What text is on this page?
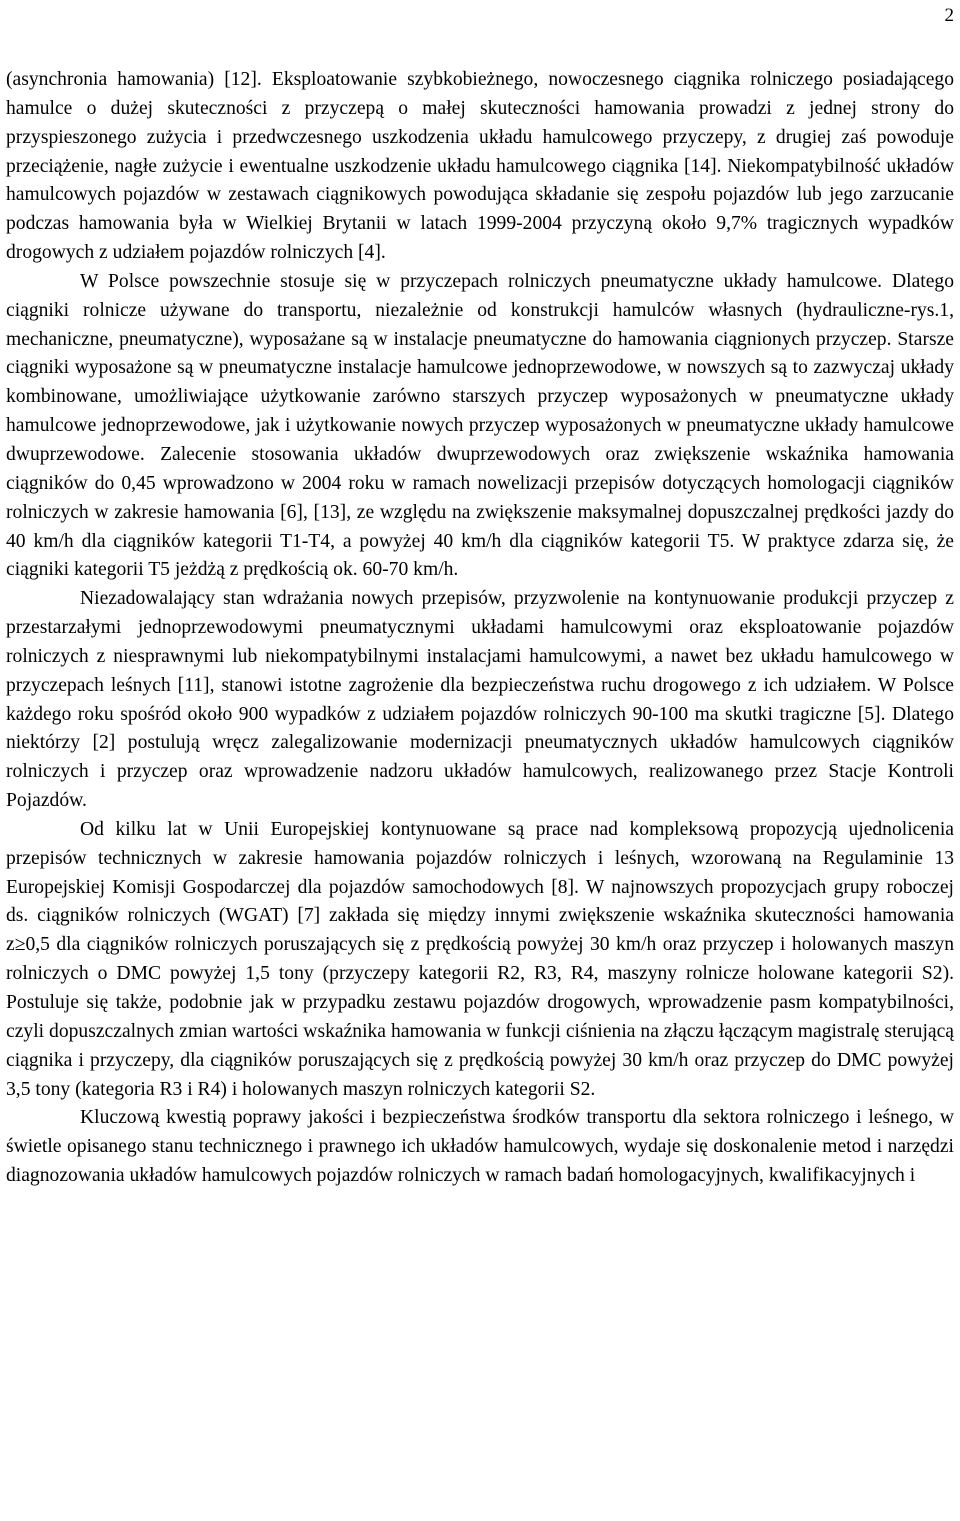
2

(asynchronia hamowania) [12]. Eksploatowanie szybkobieżnego, nowoczesnego ciągnika rolniczego posiadającego hamulce o dużej skuteczności z przyczepą o małej skuteczności hamowania prowadzi z jednej strony do przyspieszonego zużycia i przedwczesnego uszkodzenia układu hamulcowego przyczepy, z drugiej zaś powoduje przeciążenie, nagłe zużycie i ewentualne uszkodzenie układu hamulcowego ciągnika [14]. Niekompatybilność układów hamulcowych pojazdów w zestawach ciągnikowych powodująca składanie się zespołu pojazdów lub jego zarzucanie podczas hamowania była w Wielkiej Brytanii w latach 1999-2004 przyczyną około 9,7% tragicznych wypadków drogowych z udziałem pojazdów rolniczych [4].

W Polsce powszechnie stosuje się w przyczepach rolniczych pneumatyczne układy hamulcowe. Dlatego ciągniki rolnicze używane do transportu, niezależnie od konstrukcji hamulców własnych (hydrauliczne-rys.1, mechaniczne, pneumatyczne), wyposażane są w instalacje pneumatyczne do hamowania ciągnionych przyczep. Starsze ciągniki wyposażone są w pneumatyczne instalacje hamulcowe jednoprzewodowe, w nowszych są to zazwyczaj układy kombinowane, umożliwiające użytkowanie zarówno starszych przyczep wyposażonych w pneumatyczne układy hamulcowe jednoprzewodowe, jak i użytkowanie nowych przyczep wyposażonych w pneumatyczne układy hamulcowe dwuprzewodowe. Zalecenie stosowania układów dwuprzewodowych oraz zwiększenie wskaźnika hamowania ciągników do 0,45 wprowadzono w 2004 roku w ramach nowelizacji przepisów dotyczących homologacji ciągników rolniczych w zakresie hamowania [6], [13], ze względu na zwiększenie maksymalnej dopuszczalnej prędkości jazdy do 40 km/h dla ciągników kategorii T1-T4, a powyżej 40 km/h dla ciągników kategorii T5. W praktyce zdarza się, że ciągniki kategorii T5 jeżdżą z prędkością ok. 60-70 km/h.

Niezadowalający stan wdrażania nowych przepisów, przyzwolenie na kontynuowanie produkcji przyczep z przestarzałymi jednoprzewodowymi pneumatycznymi układami hamulcowymi oraz eksploatowanie pojazdów rolniczych z niesprawnymi lub niekompatybilnymi instalacjami hamulcowymi, a nawet bez układu hamulcowego w przyczepach leśnych [11], stanowi istotne zagrożenie dla bezpieczeństwa ruchu drogowego z ich udziałem. W Polsce każdego roku spośród około 900 wypadków z udziałem pojazdów rolniczych 90-100 ma skutki tragiczne [5]. Dlatego niektórzy [2] postulują wręcz zalegalizowanie modernizacji pneumatycznych układów hamulcowych ciągników rolniczych i przyczep oraz wprowadzenie nadzoru układów hamulcowych, realizowanego przez Stacje Kontroli Pojazdów.

Od kilku lat w Unii Europejskiej kontynuowane są prace nad kompleksową propozycją ujednolicenia przepisów technicznych w zakresie hamowania pojazdów rolniczych i leśnych, wzorowaną na Regulaminie 13 Europejskiej Komisji Gospodarczej dla pojazdów samochodowych [8]. W najnowszych propozycjach grupy roboczej ds. ciągników rolniczych (WGAT) [7] zakłada się między innymi zwiększenie wskaźnika skuteczności hamowania z≥0,5 dla ciągników rolniczych poruszających się z prędkością powyżej 30 km/h oraz przyczep i holowanych maszyn rolniczych o DMC powyżej 1,5 tony (przyczepy kategorii R2, R3, R4, maszyny rolnicze holowane kategorii S2). Postuluje się także, podobnie jak w przypadku zestawu pojazdów drogowych, wprowadzenie pasm kompatybilności, czyli dopuszczalnych zmian wartości wskaźnika hamowania w funkcji ciśnienia na złączu łączącym magistralę sterującą ciągnika i przyczepy, dla ciągników poruszających się z prędkością powyżej 30 km/h oraz przyczep do DMC powyżej 3,5 tony (kategoria R3 i R4) i holowanych maszyn rolniczych kategorii S2.

Kluczową kwestią poprawy jakości i bezpieczeństwa środków transportu dla sektora rolniczego i leśnego, w świetle opisanego stanu technicznego i prawnego ich układów hamulcowych, wydaje się doskonalenie metod i narzędzi diagnozowania układów hamulcowych pojazdów rolniczych w ramach badań homologacyjnych, kwalifikacyjnych i
